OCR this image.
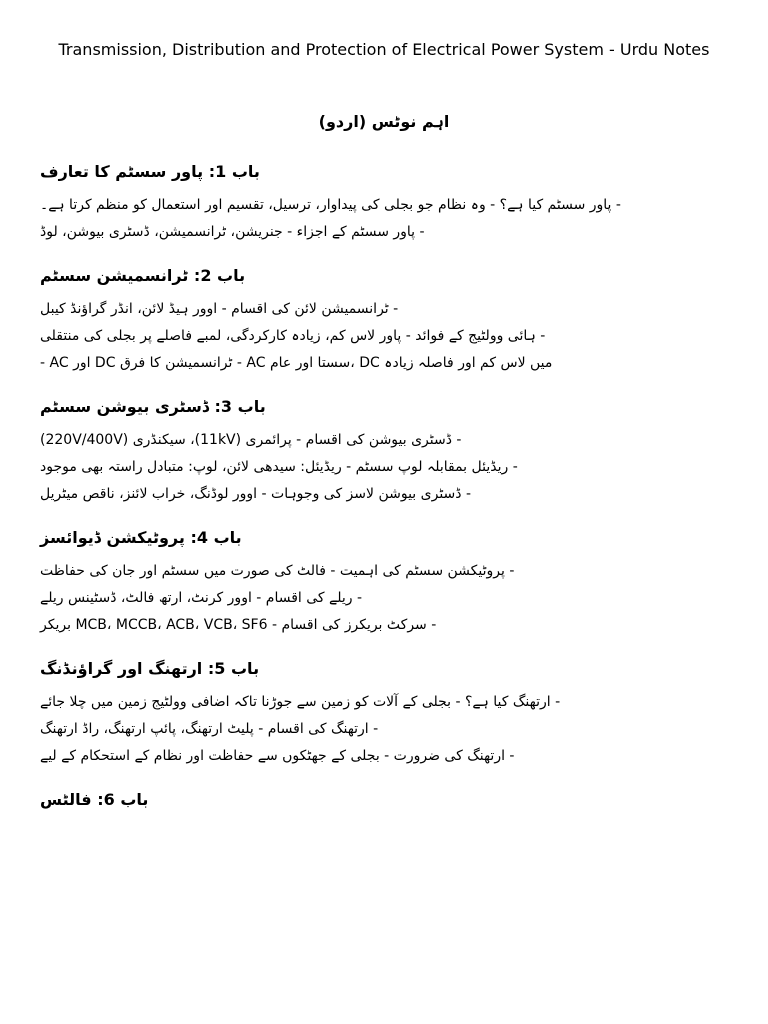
Transmission, Distribution and Protection of Electrical Power System - Urdu Notes
اہم نوٹس (اردو)
باب 1: پاور سسٹم کا تعارف
- پاور سسٹم کیا ہے؟ - وہ نظام جو بجلی کی پیداوار، ترسیل، تقسیم اور استعمال کو منظم کرتا ہے۔
- پاور سسٹم کے اجزاء - جنریشن، ٹرانسمیشن، ڈسٹری بیوشن، لوڈ
باب 2: ٹرانسمیشن سسٹم
- ٹرانسمیشن لائن کی اقسام - اوور ہیڈ لائن، انڈر گراؤنڈ کیبل
- ہائی وولٹیج کے فوائد - پاور لاس کم، زیادہ کارکردگی، لمبے فاصلے پر بجلی کی منتقلی
- AC اور DC ٹرانسمیشن کا فرق - AC سستا اور عام، DC میں لاس کم اور فاصلہ زیادہ
باب 3: ڈسٹری بیوشن سسٹم
- ڈسٹری بیوشن کی اقسام - پرائمری (11kV)، سیکنڈری (220V/400V)
- ریڈیئل بمقابلہ لوپ سسٹم - ریڈیئل: سیدھی لائن، لوپ: متبادل راستہ بھی موجود
- ڈسٹری بیوشن لاسز کی وجوہات - اوور لوڈنگ، خراب لائنز، ناقص میٹریل
باب 4: پروٹیکشن ڈیوائسز
- پروٹیکشن سسٹم کی اہمیت - فالٹ کی صورت میں سسٹم اور جان کی حفاظت
- ریلے کی اقسام - اوور کرنٹ، ارتھ فالٹ، ڈسٹینس ریلے
- سرکٹ بریکرز کی اقسام - MCB، MCCB، ACB، VCB، SF6 بریکر
باب 5: ارتھنگ اور گراؤنڈنگ
- ارتھنگ کیا ہے؟ - بجلی کے آلات کو زمین سے جوڑنا تاکہ اضافی وولٹیج زمین میں چلا جائے
- ارتھنگ کی اقسام - پلیٹ ارتھنگ، پائپ ارتھنگ، راڈ ارتھنگ
- ارتھنگ کی ضرورت - بجلی کے جھٹکوں سے حفاظت اور نظام کے استحکام کے لیے
باب 6: فالٹس
